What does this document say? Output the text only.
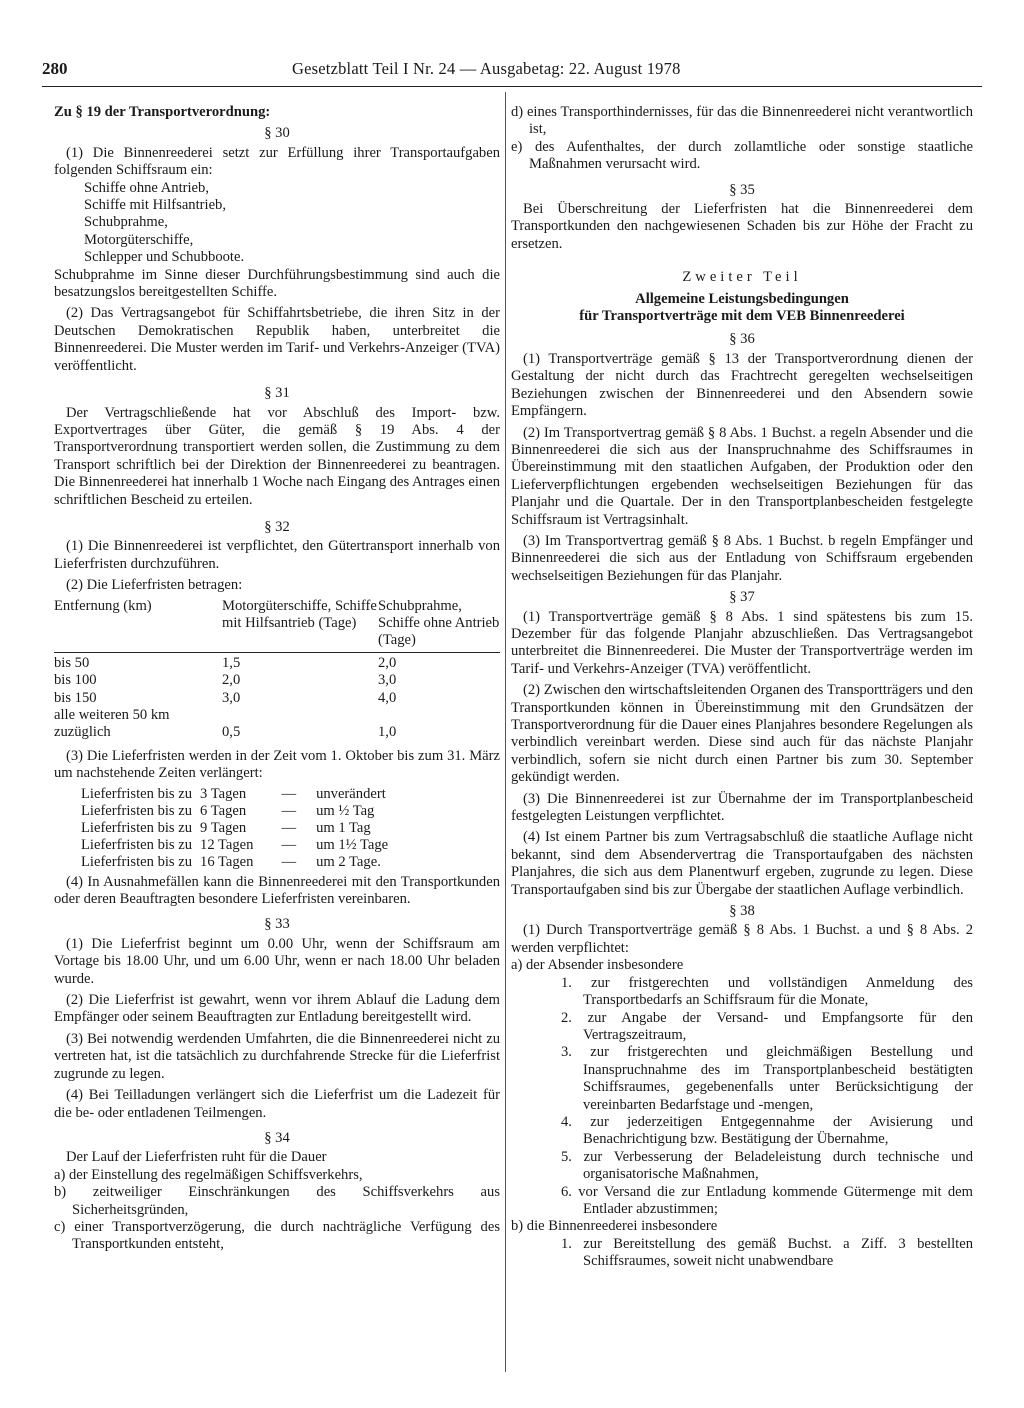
280	Gesetzblatt Teil I Nr. 24 — Ausgabetag: 22. August 1978

Zu § 19 der Transportverordnung:

§ 30

(1) Die Binnenreederei setzt zur Erfüllung ihrer Transportaufgaben folgenden Schiffsraum ein:

Schiffe ohne Antrieb,

Schiffe mit Hilfsantrieb,

Schubprahme,

Motorgüterschiffe,

Schlepper und Schubboote.

Schubprahme im Sinne dieser Durchführungsbestimmung sind auch die besatzungslos bereitgestellten Schiffe.

(2) Das Vertragsangebot für Schiffahrtsbetriebe, die ihren Sitz in der Deutschen Demokratischen Republik haben, unterbreitet die Binnenreederei. Die Muster werden im Tarif- und Verkehrs-Anzeiger (TVA) veröffentlicht.

§ 31

Der Vertragschließende hat vor Abschluß des Import- bzw. Exportvertrages über Güter, die gemäß § 19 Abs. 4 der Transportverordnung transportiert werden sollen, die Zustimmung zu dem Transport schriftlich bei der Direktion der Binnenreederei zu beantragen. Die Binnenreederei hat innerhalb 1 Woche nach Eingang des Antrages einen schriftlichen Bescheid zu erteilen.

§ 32

(1) Die Binnenreederei ist verpflichtet, den Gütertransport innerhalb von Lieferfristen durchzuführen.

(2) Die Lieferfristen betragen:

Entfernung (km)	Motorgüterschiffe, Schiffe mit Hilfsantrieb (Tage)	Schubprahme, Schiffe ohne Antrieb (Tage)

bis 50	1,5	2,0
bis 100	2,0	3,0
bis 150	3,0	4,0
alle weiteren 50 km zuzüglich	0,5	1,0

(3) Die Lieferfristen werden in der Zeit vom 1. Oktober bis zum 31. März um nachstehende Zeiten verlängert:

Lieferfristen bis zu	3 Tagen	—	unverändert
Lieferfristen bis zu	6 Tagen	—	um ½ Tag
Lieferfristen bis zu	9 Tagen	—	um 1 Tag
Lieferfristen bis zu	12 Tagen	—	um 1½ Tage
Lieferfristen bis zu	16 Tagen	—	um 2 Tage.

(4) In Ausnahmefällen kann die Binnenreederei mit den Transportkunden oder deren Beauftragten besondere Lieferfristen vereinbaren.

§ 33

(1) Die Lieferfrist beginnt um 0.00 Uhr, wenn der Schiffsraum am Vortage bis 18.00 Uhr, und um 6.00 Uhr, wenn er nach 18.00 Uhr beladen wurde.

(2) Die Lieferfrist ist gewahrt, wenn vor ihrem Ablauf die Ladung dem Empfänger oder seinem Beauftragten zur Entladung bereitgestellt wird.

(3) Bei notwendig werdenden Umfahrten, die die Binnenreederei nicht zu vertreten hat, ist die tatsächlich zu durchfahrende Strecke für die Lieferfrist zugrunde zu legen.

(4) Bei Teilladungen verlängert sich die Lieferfrist um die Ladezeit für die be- oder entladenen Teilmengen.

§ 34

Der Lauf der Lieferfristen ruht für die Dauer

a) der Einstellung des regelmäßigen Schiffsverkehrs,

b) zeitweiliger Einschränkungen des Schiffsverkehrs aus Sicherheitsgründen,

c) einer Transportverzögerung, die durch nachträgliche Verfügung des Transportkunden entsteht,

d) eines Transporthindernisses, für das die Binnenreederei nicht verantwortlich ist,

e) des Aufenthaltes, der durch zollamtliche oder sonstige staatliche Maßnahmen verursacht wird.

§ 35

Bei Überschreitung der Lieferfristen hat die Binnenreederei dem Transportkunden den nachgewiesenen Schaden bis zur Höhe der Fracht zu ersetzen.

Zweiter Teil

Allgemeine Leistungsbedingungen

für Transportverträge mit dem VEB Binnenreederei

§ 36

(1) Transportverträge gemäß § 13 der Transportverordnung dienen der Gestaltung der nicht durch das Frachtrecht geregelten wechselseitigen Beziehungen zwischen der Binnenreederei und den Absendern sowie Empfängern.

(2) Im Transportvertrag gemäß § 8 Abs. 1 Buchst. a regeln Absender und die Binnenreederei die sich aus der Inanspruchnahme des Schiffsraumes in Übereinstimmung mit den staatlichen Aufgaben, der Produktion oder den Lieferverpflichtungen ergebenden wechselseitigen Beziehungen für das Planjahr und die Quartale. Der in den Transportplanbescheiden festgelegte Schiffsraum ist Vertragsinhalt.

(3) Im Transportvertrag gemäß § 8 Abs. 1 Buchst. b regeln Empfänger und Binnenreederei die sich aus der Entladung von Schiffsraum ergebenden wechselseitigen Beziehungen für das Planjahr.

§ 37

(1) Transportverträge gemäß § 8 Abs. 1 sind spätestens bis zum 15. Dezember für das folgende Planjahr abzuschließen. Das Vertragsangebot unterbreitet die Binnenreederei. Die Muster der Transportverträge werden im Tarif- und Verkehrs-Anzeiger (TVA) veröffentlicht.

(2) Zwischen den wirtschaftsleitenden Organen des Transportträgers und den Transportkunden können in Übereinstimmung mit den Grundsätzen der Transportverordnung für die Dauer eines Planjahres besondere Regelungen als verbindlich vereinbart werden. Diese sind auch für das nächste Planjahr verbindlich, sofern sie nicht durch einen Partner bis zum 30. September gekündigt werden.

(3) Die Binnenreederei ist zur Übernahme der im Transportplanbescheid festgelegten Leistungen verpflichtet.

(4) Ist einem Partner bis zum Vertragsabschluß die staatliche Auflage nicht bekannt, sind dem Absendervertrag die Transportaufgaben des nächsten Planjahres, die sich aus dem Planentwurf ergeben, zugrunde zu legen. Diese Transportaufgaben sind bis zur Übergabe der staatlichen Auflage verbindlich.

§ 38

(1) Durch Transportverträge gemäß § 8 Abs. 1 Buchst. a und § 8 Abs. 2 werden verpflichtet:

a) der Absender insbesondere

1. zur fristgerechten und vollständigen Anmeldung des Transportbedarfs an Schiffsraum für die Monate,

2. zur Angabe der Versand- und Empfangsorte für den Vertragszeitraum,

3. zur fristgerechten und gleichmäßigen Bestellung und Inanspruchnahme des im Transportplanbescheid bestätigten Schiffsraumes, gegebenenfalls unter Berücksichtigung der vereinbarten Bedarfstage und -mengen,

4. zur jederzeitigen Entgegennahme der Avisierung und Benachrichtigung bzw. Bestätigung der Übernahme,

5. zur Verbesserung der Beladeleistung durch technische und organisatorische Maßnahmen,

6. vor Versand die zur Entladung kommende Gütermenge mit dem Entlader abzustimmen;

b) die Binnenreederei insbesondere

1. zur Bereitstellung des gemäß Buchst. a Ziff. 3 bestellten Schiffsraumes, soweit nicht unabwendbare
